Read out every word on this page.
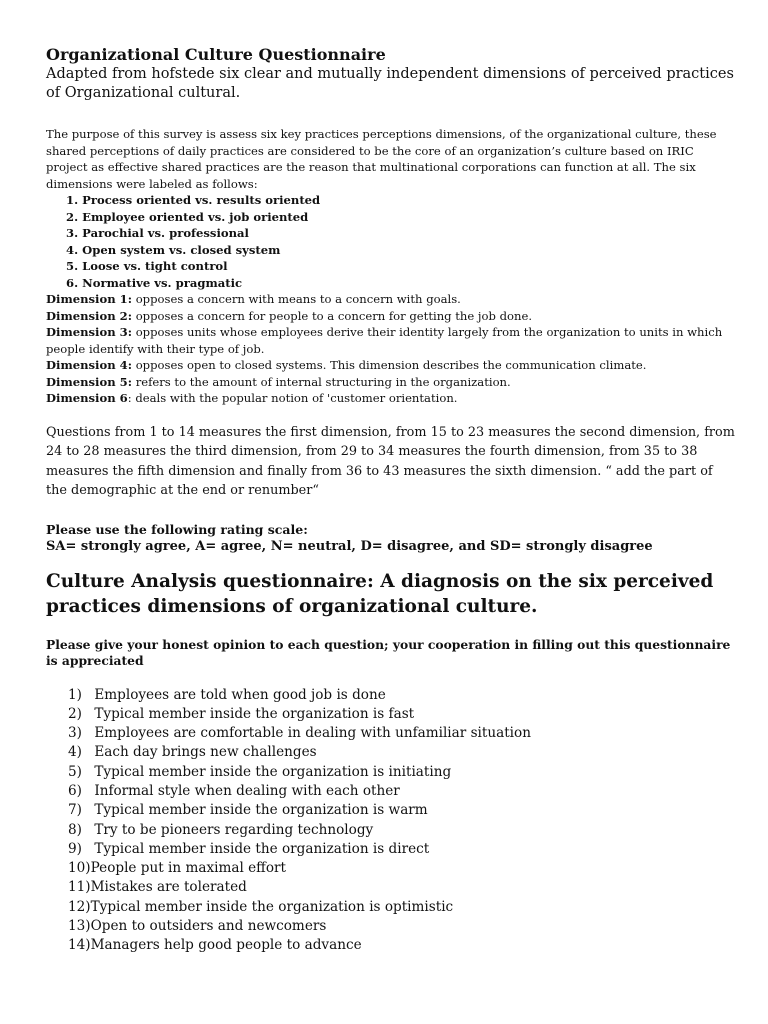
Organizational Culture Questionnaire

Adapted from hofstede six clear and mutually independent dimensions of perceived practices of Organizational cultural.

The purpose of this survey is assess six key practices perceptions dimensions, of the organizational culture, these shared perceptions of daily practices are considered to be the core of an organization’s culture based on IRIC project as effective shared practices are the reason that multinational corporations can function at all. The six dimensions were labeled as follows:

1. Process oriented vs. results oriented
2. Employee oriented vs. job oriented
3. Parochial vs. professional
4. Open system vs. closed system
5. Loose vs. tight control
6. Normative vs. pragmatic

Dimension 1: opposes a concern with means to a concern with goals.

Dimension 2: opposes a concern for people to a concern for getting the job done.

Dimension 3: opposes units whose employees derive their identity largely from the organization to units in which people identify with their type of job.

Dimension 4: opposes open to closed systems. This dimension describes the communication climate.

Dimension 5: refers to the amount of internal structuring in the organization.

Dimension 6: deals with the popular notion of 'customer orientation.

Questions from 1 to 14 measures the first dimension, from 15 to 23 measures the second dimension, from 24 to 28 measures the third dimension, from 29 to 34 measures the fourth dimension, from 35 to 38 measures the fifth dimension and finally from 36 to 43 measures the sixth dimension. “ add the part of the demographic at the end or renumber“

Please use the following rating scale:

SA= strongly agree, A= agree, N= neutral, D= disagree, and SD= strongly disagree

Culture Analysis questionnaire: A diagnosis on the six perceived practices dimensions of organizational culture.

Please give your honest opinion to each question; your cooperation in filling out this questionnaire is appreciated

1)
Employees are told when good job is done
2)
Typical member inside the organization is fast
3)
Employees are comfortable in dealing with unfamiliar situation
4)
Each day brings new challenges
5)
Typical member inside the organization is initiating
6)
Informal style when dealing with each other
7)
Typical member inside the organization is warm
8)
Try to be pioneers regarding technology
9)
Typical member inside the organization is direct
10) People put in maximal effort
11) Mistakes are tolerated
12) Typical member inside the organization is optimistic
13) Open to outsiders and newcomers
14) Managers help good people to advance
